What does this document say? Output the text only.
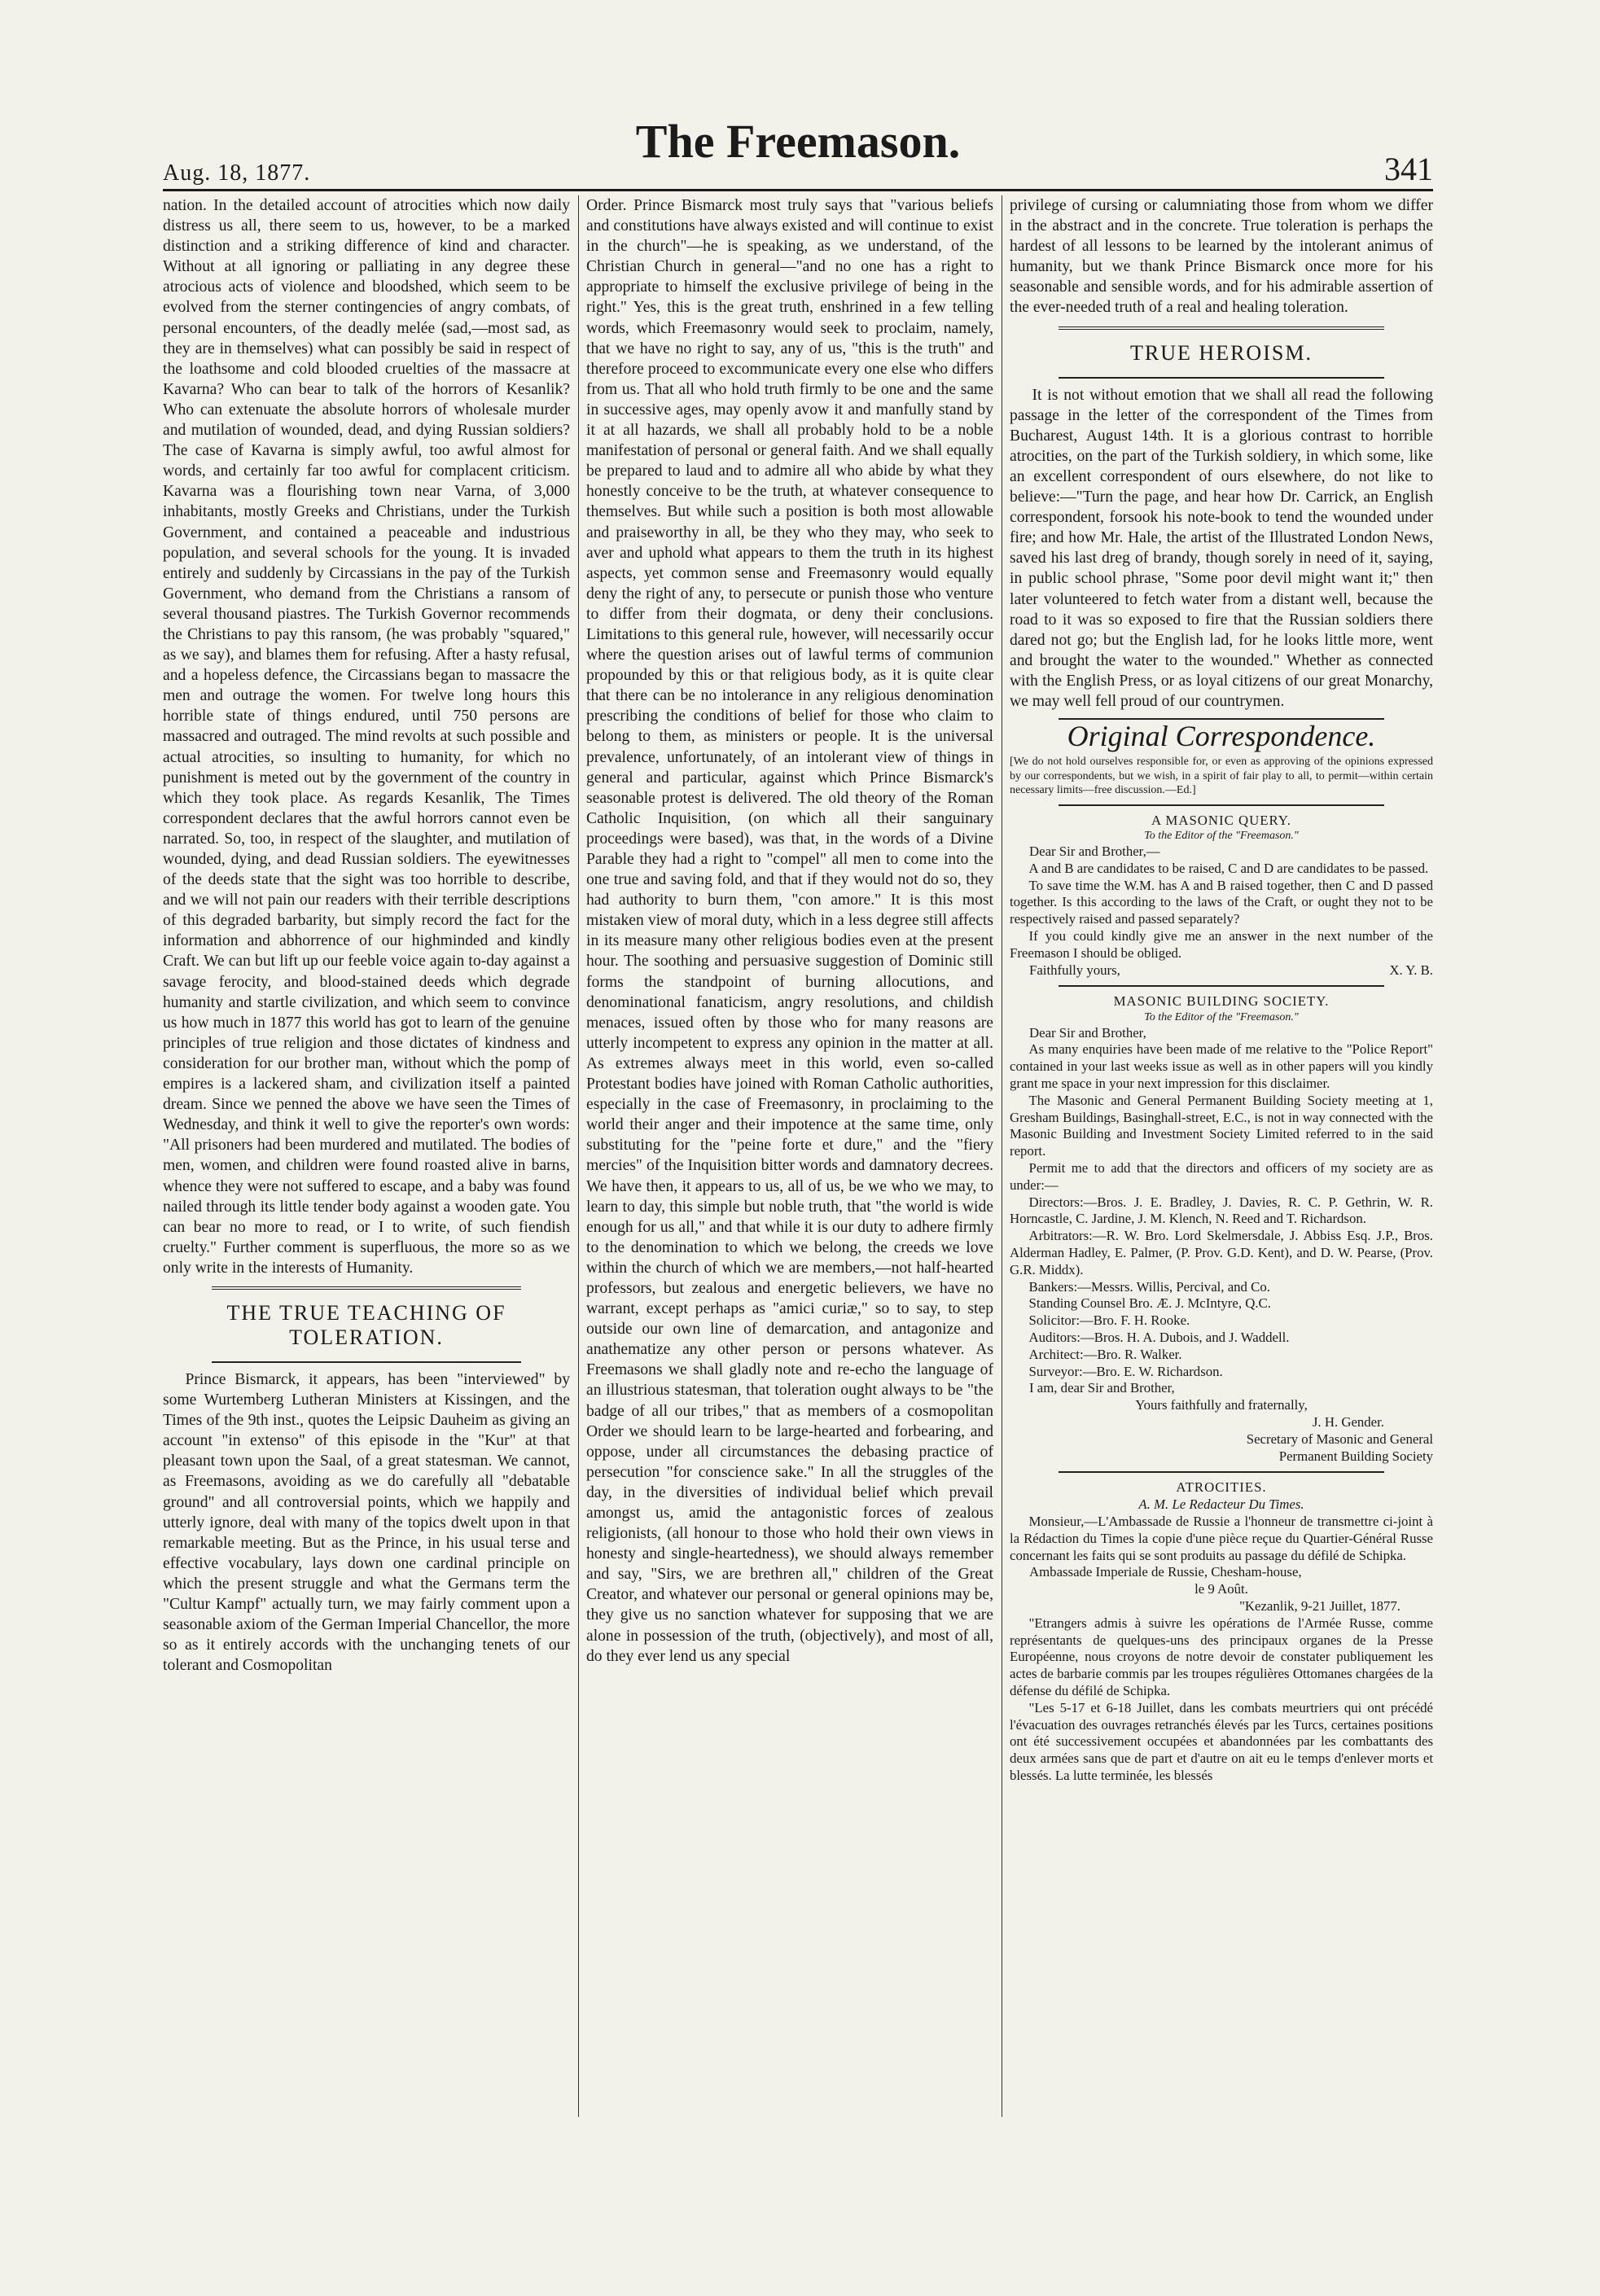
Aug. 18, 1877.
The Freemason.
341

nation. In the detailed account of atrocities which now daily distress us all, there seem to us, however, to be a marked distinction and a striking difference of kind and character. Without at all ignoring or palliating in any degree these atrocious acts of violence and bloodshed, which seem to be evolved from the sterner contingencies of angry combats, of personal encounters, of the deadly melée (sad,—most sad, as they are in themselves) what can possibly be said in respect of the loathsome and cold blooded cruelties of the massacre at Kavarna? Who can bear to talk of the horrors of Kesanlik? Who can extenuate the absolute horrors of wholesale murder and mutilation of wounded, dead, and dying Russian soldiers? The case of Kavarna is simply awful, too awful almost for words, and certainly far too awful for complacent criticism. Kavarna was a flourishing town near Varna, of 3,000 inhabitants, mostly Greeks and Christians, under the Turkish Government, and contained a peaceable and industrious population, and several schools for the young. It is invaded entirely and suddenly by Circassians in the pay of the Turkish Government, who demand from the Christians a ransom of several thousand piastres. The Turkish Governor recommends the Christians to pay this ransom, (he was probably "squared," as we say), and blames them for refusing. After a hasty refusal, and a hopeless defence, the Circassians began to massacre the men and outrage the women. For twelve long hours this horrible state of things endured, until 750 persons are massacred and outraged. The mind revolts at such possible and actual atrocities, so insulting to humanity, for which no punishment is meted out by the government of the country in which they took place. As regards Kesanlik, The Times correspondent declares that the awful horrors cannot even be narrated. So, too, in respect of the slaughter, and mutilation of wounded, dying, and dead Russian soldiers. The eyewitnesses of the deeds state that the sight was too horrible to describe, and we will not pain our readers with their terrible descriptions of this degraded barbarity, but simply record the fact for the information and abhorrence of our highminded and kindly Craft. We can but lift up our feeble voice again to-day against a savage ferocity, and blood-stained deeds which degrade humanity and startle civilization, and which seem to convince us how much in 1877 this world has got to learn of the genuine principles of true religion and those dictates of kindness and consideration for our brother man, without which the pomp of empires is a lackered sham, and civilization itself a painted dream. Since we penned the above we have seen the Times of Wednesday, and think it well to give the reporter's own words: "All prisoners had been murdered and mutilated. The bodies of men, women, and children were found roasted alive in barns, whence they were not suffered to escape, and a baby was found nailed through its little tender body against a wooden gate. You can bear no more to read, or I to write, of such fiendish cruelty." Further comment is superfluous, the more so as we only write in the interests of Humanity.

THE TRUE TEACHING OF TOLERATION.

Prince Bismarck, it appears, has been "interviewed" by some Wurtemberg Lutheran Ministers at Kissingen, and the Times of the 9th inst., quotes the Leipsic Dauheim as giving an account "in extenso" of this episode in the "Kur" at that pleasant town upon the Saal, of a great statesman. We cannot, as Freemasons, avoiding as we do carefully all "debatable ground" and all controversial points, which we happily and utterly ignore, deal with many of the topics dwelt upon in that remarkable meeting. But as the Prince, in his usual terse and effective vocabulary, lays down one cardinal principle on which the present struggle and what the Germans term the "Cultur Kampf" actually turn, we may fairly comment upon a seasonable axiom of the German Imperial Chancellor, the more so as it entirely accords with the unchanging tenets of our tolerant and Cosmopolitan

Order. Prince Bismarck most truly says that "various beliefs and constitutions have always existed and will continue to exist in the church"—he is speaking, as we understand, of the Christian Church in general—"and no one has a right to appropriate to himself the exclusive privilege of being in the right." Yes, this is the great truth, enshrined in a few telling words, which Freemasonry would seek to proclaim, namely, that we have no right to say, any of us, "this is the truth" and therefore proceed to excommunicate every one else who differs from us. That all who hold truth firmly to be one and the same in successive ages, may openly avow it and manfully stand by it at all hazards, we shall all probably hold to be a noble manifestation of personal or general faith. And we shall equally be prepared to laud and to admire all who abide by what they honestly conceive to be the truth, at whatever consequence to themselves. But while such a position is both most allowable and praiseworthy in all, be they who they may, who seek to aver and uphold what appears to them the truth in its highest aspects, yet common sense and Freemasonry would equally deny the right of any, to persecute or punish those who venture to differ from their dogmata, or deny their conclusions. Limitations to this general rule, however, will necessarily occur where the question arises out of lawful terms of communion propounded by this or that religious body, as it is quite clear that there can be no intolerance in any religious denomination prescribing the conditions of belief for those who claim to belong to them, as ministers or people. It is the universal prevalence, unfortunately, of an intolerant view of things in general and particular, against which Prince Bismarck's seasonable protest is delivered. The old theory of the Roman Catholic Inquisition, (on which all their sanguinary proceedings were based), was that, in the words of a Divine Parable they had a right to "compel" all men to come into the one true and saving fold, and that if they would not do so, they had authority to burn them, "con amore." It is this most mistaken view of moral duty, which in a less degree still affects in its measure many other religious bodies even at the present hour. The soothing and persuasive suggestion of Dominic still forms the standpoint of burning allocutions, and denominational fanaticism, angry resolutions, and childish menaces, issued often by those who for many reasons are utterly incompetent to express any opinion in the matter at all. As extremes always meet in this world, even so-called Protestant bodies have joined with Roman Catholic authorities, especially in the case of Freemasonry, in proclaiming to the world their anger and their impotence at the same time, only substituting for the "peine forte et dure," and the "fiery mercies" of the Inquisition bitter words and damnatory decrees. We have then, it appears to us, all of us, be we who we may, to learn to day, this simple but noble truth, that "the world is wide enough for us all," and that while it is our duty to adhere firmly to the denomination to which we belong, the creeds we love within the church of which we are members,—not half-hearted professors, but zealous and energetic believers, we have no warrant, except perhaps as "amici curiæ," so to say, to step outside our own line of demarcation, and antagonize and anathematize any other person or persons whatever. As Freemasons we shall gladly note and re-echo the language of an illustrious statesman, that toleration ought always to be "the badge of all our tribes," that as members of a cosmopolitan Order we should learn to be large-hearted and forbearing, and oppose, under all circumstances the debasing practice of persecution "for conscience sake." In all the struggles of the day, in the diversities of individual belief which prevail amongst us, amid the antagonistic forces of zealous religionists, (all honour to those who hold their own views in honesty and single-heartedness), we should always remember and say, "Sirs, we are brethren all," children of the Great Creator, and whatever our personal or general opinions may be, they give us no sanction whatever for supposing that we are alone in possession of the truth, (objectively), and most of all, do they ever lend us any special

privilege of cursing or calumniating those from whom we differ in the abstract and in the concrete. True toleration is perhaps the hardest of all lessons to be learned by the intolerant animus of humanity, but we thank Prince Bismarck once more for his seasonable and sensible words, and for his admirable assertion of the ever-needed truth of a real and healing toleration.

TRUE HEROISM.

It is not without emotion that we shall all read the following passage in the letter of the correspondent of the Times from Bucharest, August 14th. It is a glorious contrast to horrible atrocities, on the part of the Turkish soldiery, in which some, like an excellent correspondent of ours elsewhere, do not like to believe:—"Turn the page, and hear how Dr. Carrick, an English correspondent, forsook his note-book to tend the wounded under fire; and how Mr. Hale, the artist of the Illustrated London News, saved his last dreg of brandy, though sorely in need of it, saying, in public school phrase, "Some poor devil might want it;" then later volunteered to fetch water from a distant well, because the road to it was so exposed to fire that the Russian soldiers there dared not go; but the English lad, for he looks little more, went and brought the water to the wounded." Whether as connected with the English Press, or as loyal citizens of our great Monarchy, we may well fell proud of our countrymen.

Original Correspondence.

[We do not hold ourselves responsible for, or even as approving of the opinions expressed by our correspondents, but we wish, in a spirit of fair play to all, to permit—within certain necessary limits—free discussion.—Ed.]

A MASONIC QUERY.
To the Editor of the "Freemason."
Dear Sir and Brother,—

A and B are candidates to be raised, C and D are candidates to be passed.

To save time the W.M. has A and B raised together, then C and D passed together. Is this according to the laws of the Craft, or ought they not to be respectively raised and passed separately?

If you could kindly give me an answer in the next number of the Freemason I should be obliged.

Faithfully yours,	X. Y. B.
MASONIC BUILDING SOCIETY.
To the Editor of the "Freemason."
Dear Sir and Brother,

As many enquiries have been made of me relative to the "Police Report" contained in your last weeks issue as well as in other papers will you kindly grant me space in your next impression for this disclaimer.

The Masonic and General Permanent Building Society meeting at 1, Gresham Buildings, Basinghall-street, E.C., is not in way connected with the Masonic Building and Investment Society Limited referred to in the said report.

Permit me to add that the directors and officers of my society are as under:—

Directors:—Bros. J. E. Bradley, J. Davies, R. C. P. Gethrin, W. R. Horncastle, C. Jardine, J. M. Klench, N. Reed and T. Richardson.

Arbitrators:—R. W. Bro. Lord Skelmersdale, J. Abbiss Esq. J.P., Bros. Alderman Hadley, E. Palmer, (P. Prov. G.D. Kent), and D. W. Pearse, (Prov. G.R. Middx).

Bankers:—Messrs. Willis, Percival, and Co.

Standing Counsel Bro. Æ. J. McIntyre, Q.C.

Solicitor:—Bro. F. H. Rooke.

Auditors:—Bros. H. A. Dubois, and J. Waddell.

Architect:—Bro. R. Walker.

Surveyor:—Bro. E. W. Richardson.

I am, dear Sir and Brother,
Yours faithfully and fraternally,
J. H. Gender.
Secretary of Masonic and General
Permanent Building Society
ATROCITIES.
A. M. Le Redacteur Du Times.

Monsieur,—L'Ambassade de Russie a l'honneur de transmettre ci-joint à la Rédaction du Times la copie d'une pièce reçue du Quartier-Général Russe concernant les faits qui se sont produits au passage du défilé de Schipka.

Ambassade Imperiale de Russie, Chesham-house,
le 9 Août.
"Kezanlik, 9-21 Juillet, 1877.

"Etrangers admis à suivre les opérations de l'Armée Russe, comme représentants de quelques-uns des principaux organes de la Presse Européenne, nous croyons de notre devoir de constater publiquement les actes de barbarie commis par les troupes régulières Ottomanes chargées de la défense du défilé de Schipka.

"Les 5-17 et 6-18 Juillet, dans les combats meurtriers qui ont précédé l'évacuation des ouvrages retranchés élevés par les Turcs, certaines positions ont été successivement occupées et abandonnées par les combattants des deux armées sans que de part et d'autre on ait eu le temps d'enlever morts et blessés. La lutte terminée, les blessés
